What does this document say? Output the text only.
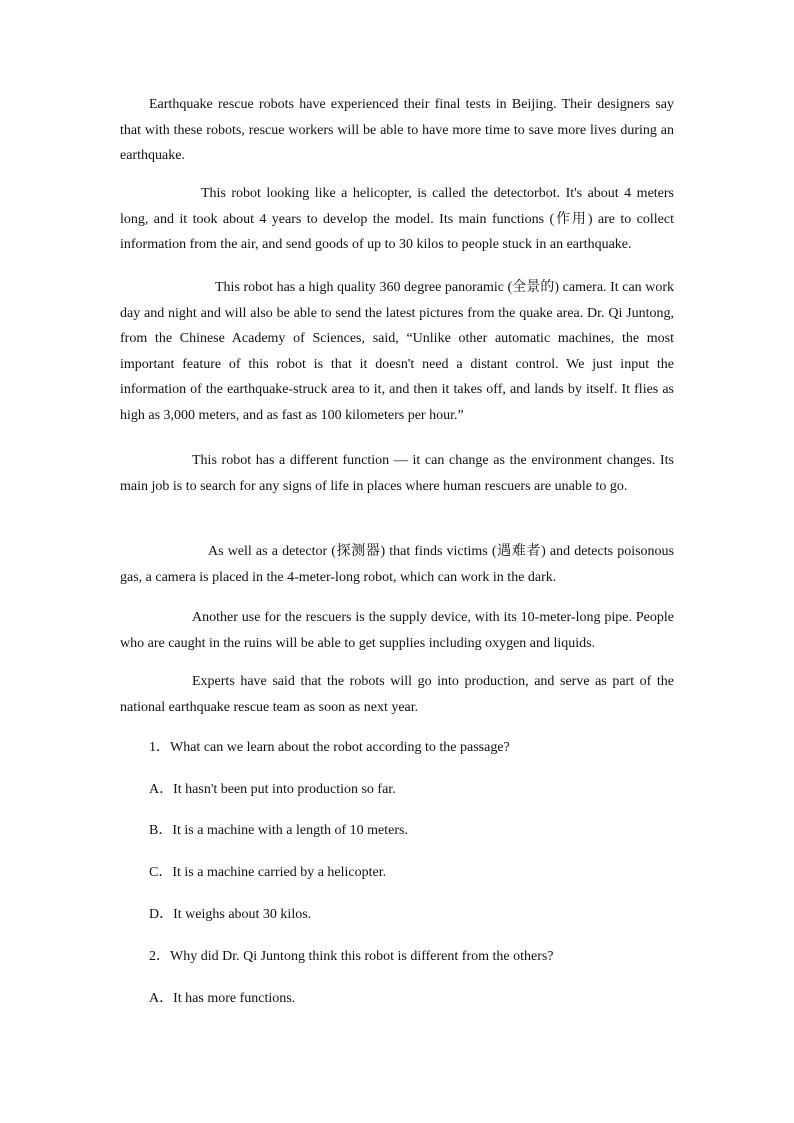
Earthquake rescue robots have experienced their final tests in Beijing. Their designers say that with these robots, rescue workers will be able to have more time to save more lives during an earthquake.

This robot looking like a helicopter, is called the detectorbot. It's about 4 meters long, and it took about 4 years to develop the model. Its main functions (作用) are to collect information from the air, and send goods of up to 30 kilos to people stuck in an earthquake.

This robot has a high quality 360 degree panoramic (全景的) camera. It can work day and night and will also be able to send the latest pictures from the quake area. Dr. Qi Juntong, from the Chinese Academy of Sciences, said, “Unlike other automatic machines, the most important feature of this robot is that it doesn't need a distant control. We just input the information of the earthquake-struck area to it, and then it takes off, and lands by itself. It flies as high as 3,000 meters, and as fast as 100 kilometers per hour.”

This robot has a different function — it can change as the environment changes. Its main job is to search for any signs of life in places where human rescuers are unable to go.

As well as a detector (探测器) that finds victims (遇难者) and detects poisonous gas, a camera is placed in the 4-meter-long robot, which can work in the dark.

Another use for the rescuers is the supply device, with its 10-meter-long pipe. People who are caught in the ruins will be able to get supplies including oxygen and liquids.

Experts have said that the robots will go into production, and serve as part of the national earthquake rescue team as soon as next year.

1．What can we learn about the robot according to the passage?

A．It hasn't been put into production so far.

B．It is a machine with a length of 10 meters.

C．It is a machine carried by a helicopter.

D．It weighs about 30 kilos.

2．Why did Dr. Qi Juntong think this robot is different from the others?

A．It has more functions.
